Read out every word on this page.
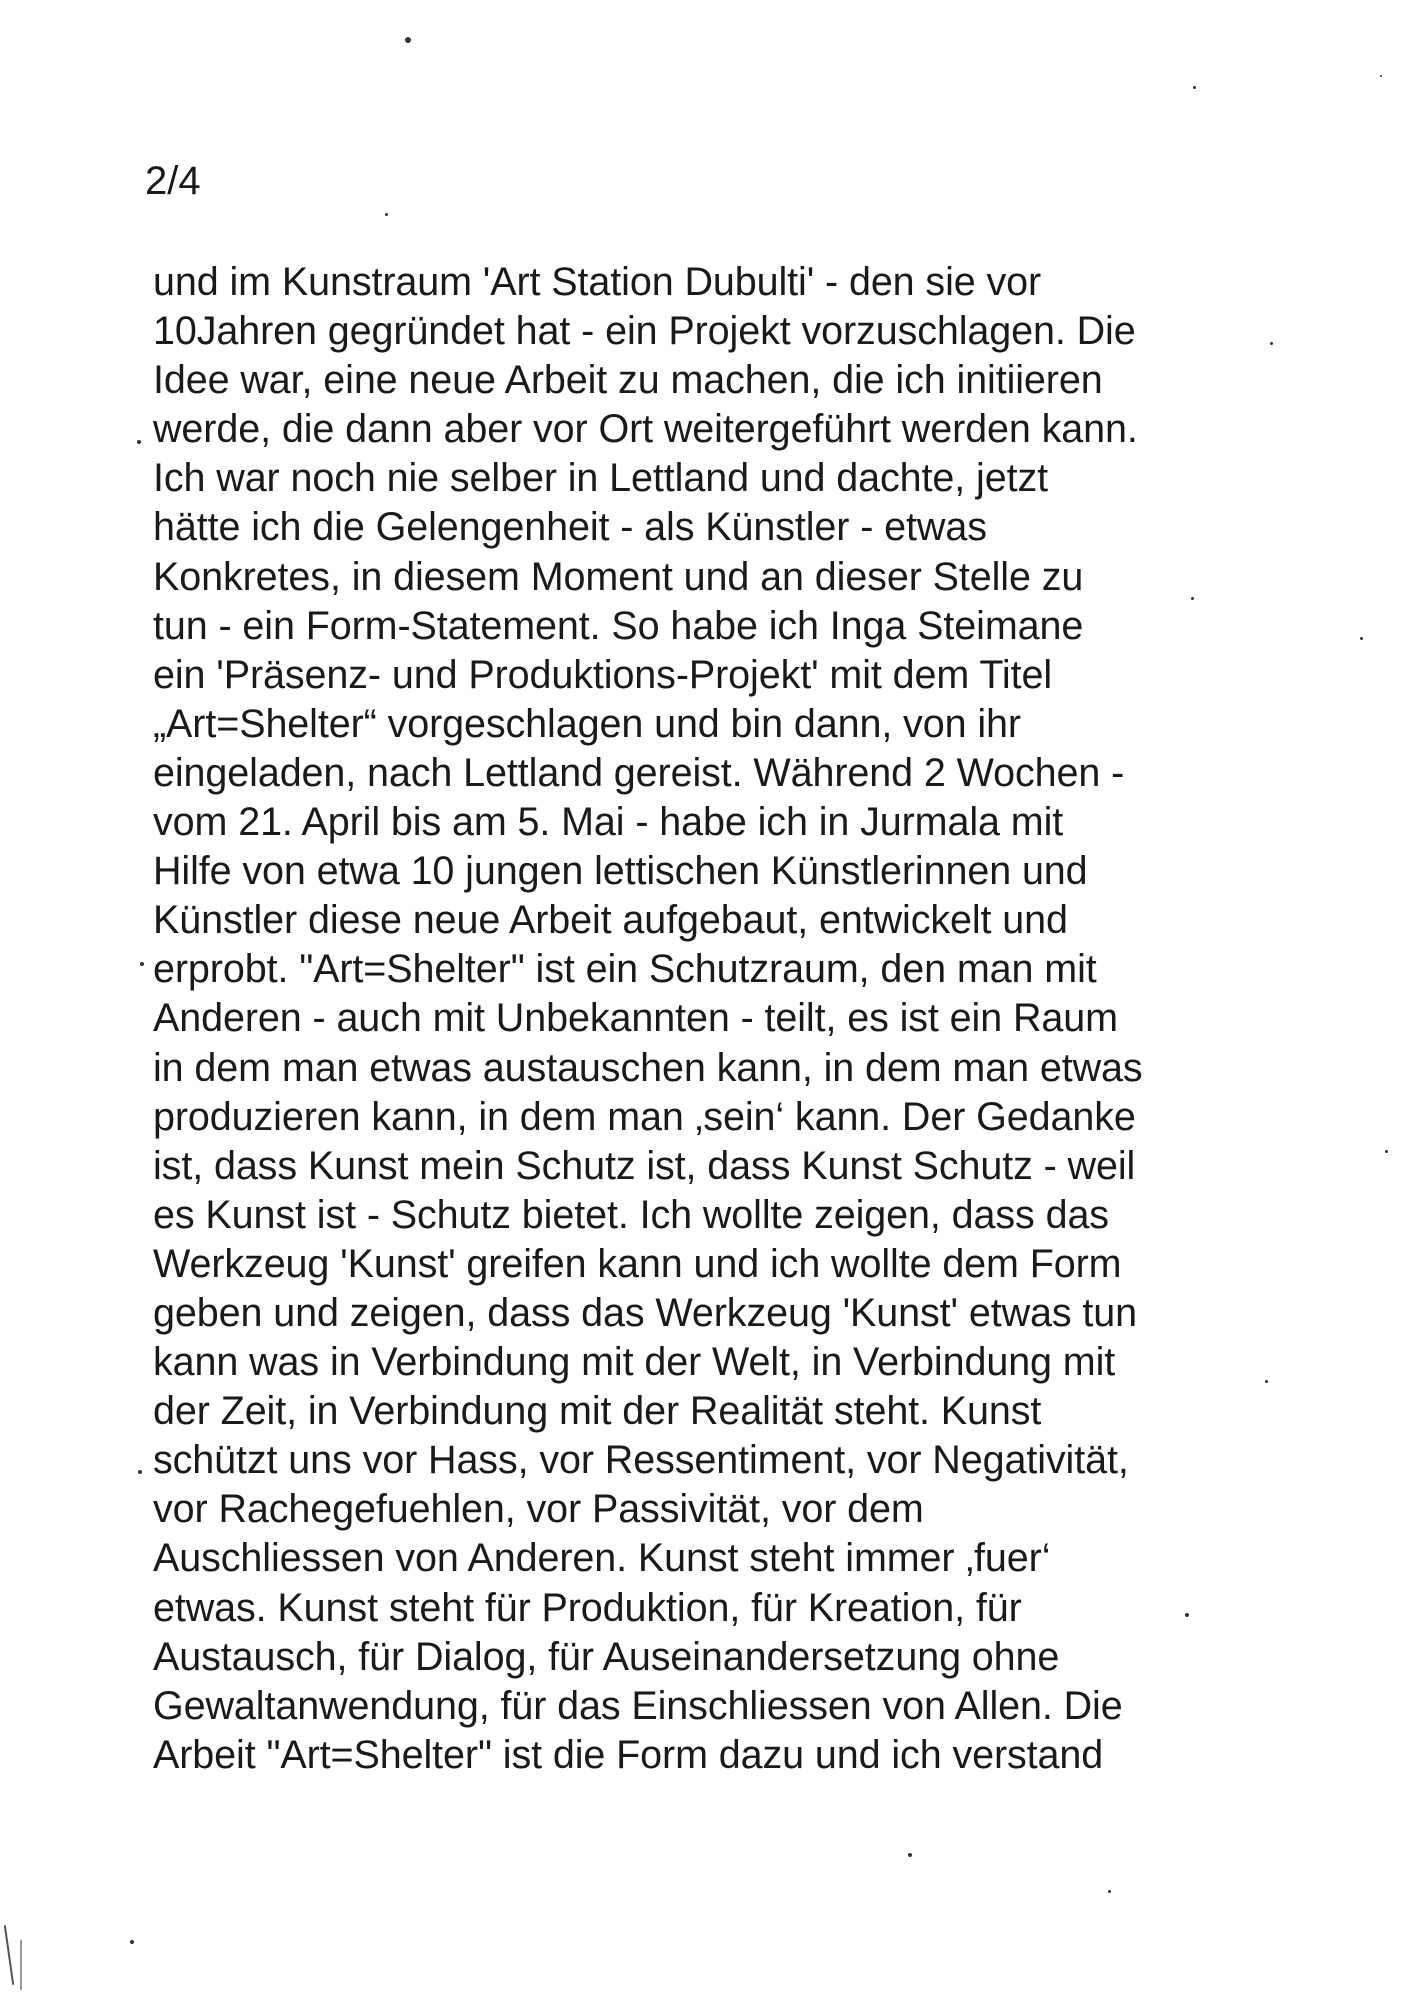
2/4

und im Kunstraum 'Art Station Dubulti' - den sie vor
10Jahren gegründet hat - ein Projekt vorzuschlagen. Die
Idee war, eine neue Arbeit zu machen, die ich initiieren
werde, die dann aber vor Ort weitergeführt werden kann.
Ich war noch nie selber in Lettland und dachte, jetzt
hätte ich die Gelengenheit - als Künstler - etwas
Konkretes, in diesem Moment und an dieser Stelle zu
tun - ein Form-Statement. So habe ich Inga Steimane
ein 'Präsenz- und Produktions-Projekt' mit dem Titel
„Art=Shelter“ vorgeschlagen und bin dann, von ihr
eingeladen, nach Lettland gereist. Während 2 Wochen -
vom 21. April bis am 5. Mai - habe ich in Jurmala mit
Hilfe von etwa 10 jungen lettischen Künstlerinnen und
Künstler diese neue Arbeit aufgebaut, entwickelt und
erprobt. "Art=Shelter" ist ein Schutzraum, den man mit
Anderen - auch mit Unbekannten - teilt, es ist ein Raum
in dem man etwas austauschen kann, in dem man etwas
produzieren kann, in dem man ‚sein‘ kann. Der Gedanke
ist, dass Kunst mein Schutz ist, dass Kunst Schutz - weil
es Kunst ist - Schutz bietet. Ich wollte zeigen, dass das
Werkzeug 'Kunst' greifen kann und ich wollte dem Form
geben und zeigen, dass das Werkzeug 'Kunst' etwas tun
kann was in Verbindung mit der Welt, in Verbindung mit
der Zeit, in Verbindung mit der Realität steht. Kunst
schützt uns vor Hass, vor Ressentiment, vor Negativität,
vor Rachegefuehlen, vor Passivität, vor dem
Auschliessen von Anderen. Kunst steht immer ‚fuer‘
etwas. Kunst steht für Produktion, für Kreation, für
Austausch, für Dialog, für Auseinandersetzung ohne
Gewaltanwendung, für das Einschliessen von Allen. Die
Arbeit "Art=Shelter" ist die Form dazu und ich verstand
